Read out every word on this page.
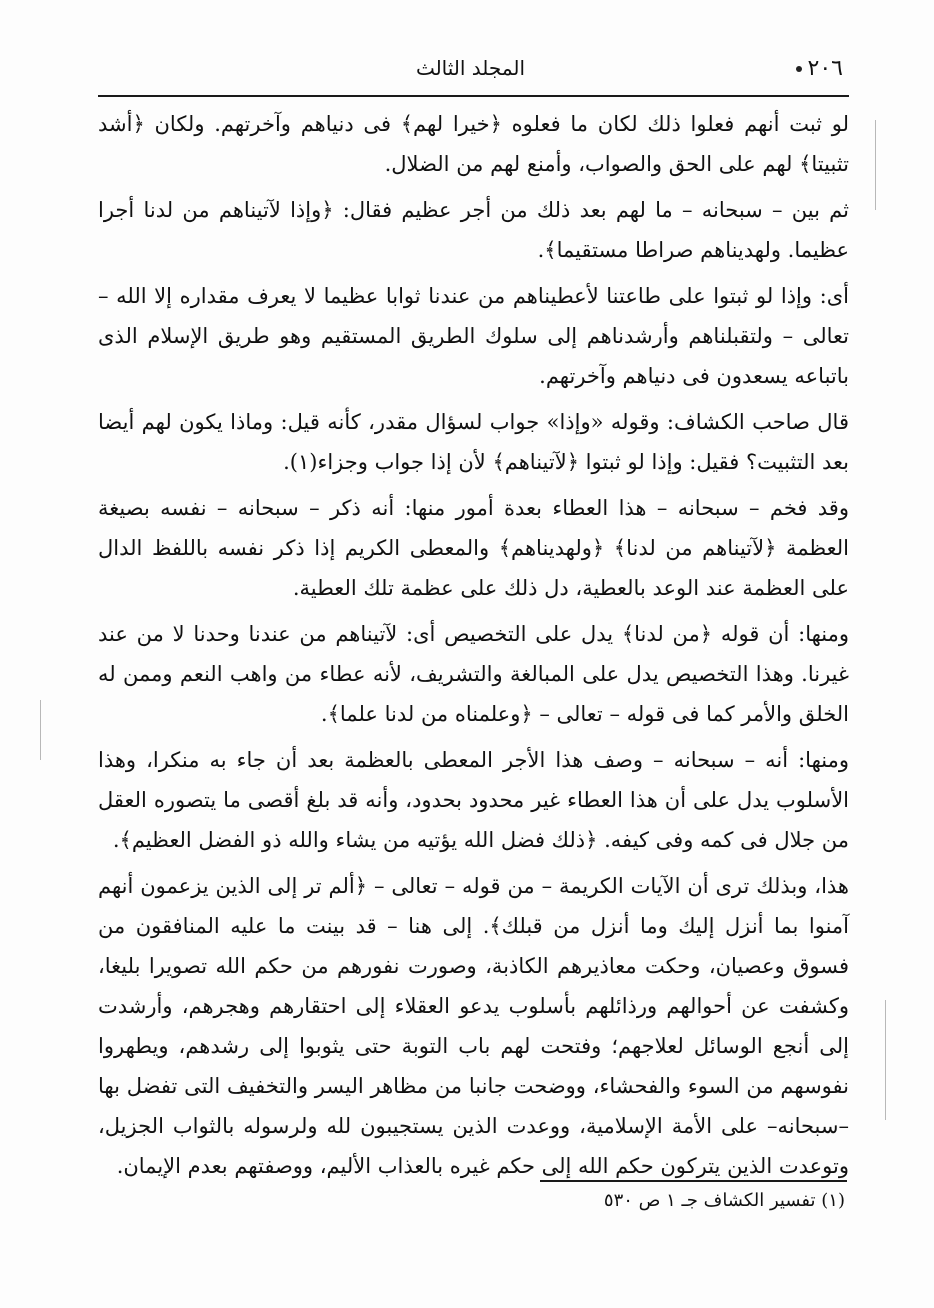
٢٠٦
المجلد الثالث

لو ثبت أنهم فعلوا ذلك لكان ما فعلوه ﴿خيرا لهم﴾ فى دنياهم وآخرتهم. ولكان ﴿أشد تثبيتا﴾ لهم على الحق والصواب، وأمنع لهم من الضلال.

ثم بين – سبحانه – ما لهم بعد ذلك من أجر عظيم فقال: ﴿وإذا لآتيناهم من لدنا أجرا عظيما. ولهديناهم صراطا مستقيما﴾.

أى: وإذا لو ثبتوا على طاعتنا لأعطيناهم من عندنا ثوابا عظيما لا يعرف مقداره إلا الله – تعالى – ولتقبلناهم وأرشدناهم إلى سلوك الطريق المستقيم وهو طريق الإسلام الذى باتباعه يسعدون فى دنياهم وآخرتهم.

قال صاحب الكشاف: وقوله «وإذا» جواب لسؤال مقدر، كأنه قيل: وماذا يكون لهم أيضا بعد التثبيت؟ فقيل: وإذا لو ثبتوا ﴿لآتيناهم﴾ لأن إذا جواب وجزاء(١).

وقد فخم – سبحانه – هذا العطاء بعدة أمور منها: أنه ذكر – سبحانه – نفسه بصيغة العظمة ﴿لآتيناهم من لدنا﴾ ﴿ولهديناهم﴾ والمعطى الكريم إذا ذكر نفسه باللفظ الدال على العظمة عند الوعد بالعطية، دل ذلك على عظمة تلك العطية.

ومنها: أن قوله ﴿من لدنا﴾ يدل على التخصيص أى: لآتيناهم من عندنا وحدنا لا من عند غيرنا. وهذا التخصيص يدل على المبالغة والتشريف، لأنه عطاء من واهب النعم وممن له الخلق والأمر كما فى قوله – تعالى – ﴿وعلمناه من لدنا علما﴾.

ومنها: أنه – سبحانه – وصف هذا الأجر المعطى بالعظمة بعد أن جاء به منكرا، وهذا الأسلوب يدل على أن هذا العطاء غير محدود بحدود، وأنه قد بلغ أقصى ما يتصوره العقل من جلال فى كمه وفى كيفه. ﴿ذلك فضل الله يؤتيه من يشاء والله ذو الفضل العظيم﴾.

هذا، وبذلك ترى أن الآيات الكريمة – من قوله – تعالى – ﴿ألم تر إلى الذين يزعمون أنهم آمنوا بما أنزل إليك وما أنزل من قبلك﴾. إلى هنا – قد بينت ما عليه المنافقون من فسوق وعصيان، وحكت معاذيرهم الكاذبة، وصورت نفورهم من حكم الله تصويرا بليغا، وكشفت عن أحوالهم ورذائلهم بأسلوب يدعو العقلاء إلى احتقارهم وهجرهم، وأرشدت إلى أنجع الوسائل لعلاجهم؛ وفتحت لهم باب التوبة حتى يثوبوا إلى رشدهم، ويطهروا نفوسهم من السوء والفحشاء، ووضحت جانبا من مظاهر اليسر والتخفيف التى تفضل بها –سبحانه– على الأمة الإسلامية، ووعدت الذين يستجيبون لله ولرسوله بالثواب الجزيل، وتوعدت الذين يتركون حكم الله إلى حكم غيره بالعذاب الأليم، ووصفتهم بعدم الإيمان.

(١) تفسير الكشاف جـ ١ ص ٥٣٠
